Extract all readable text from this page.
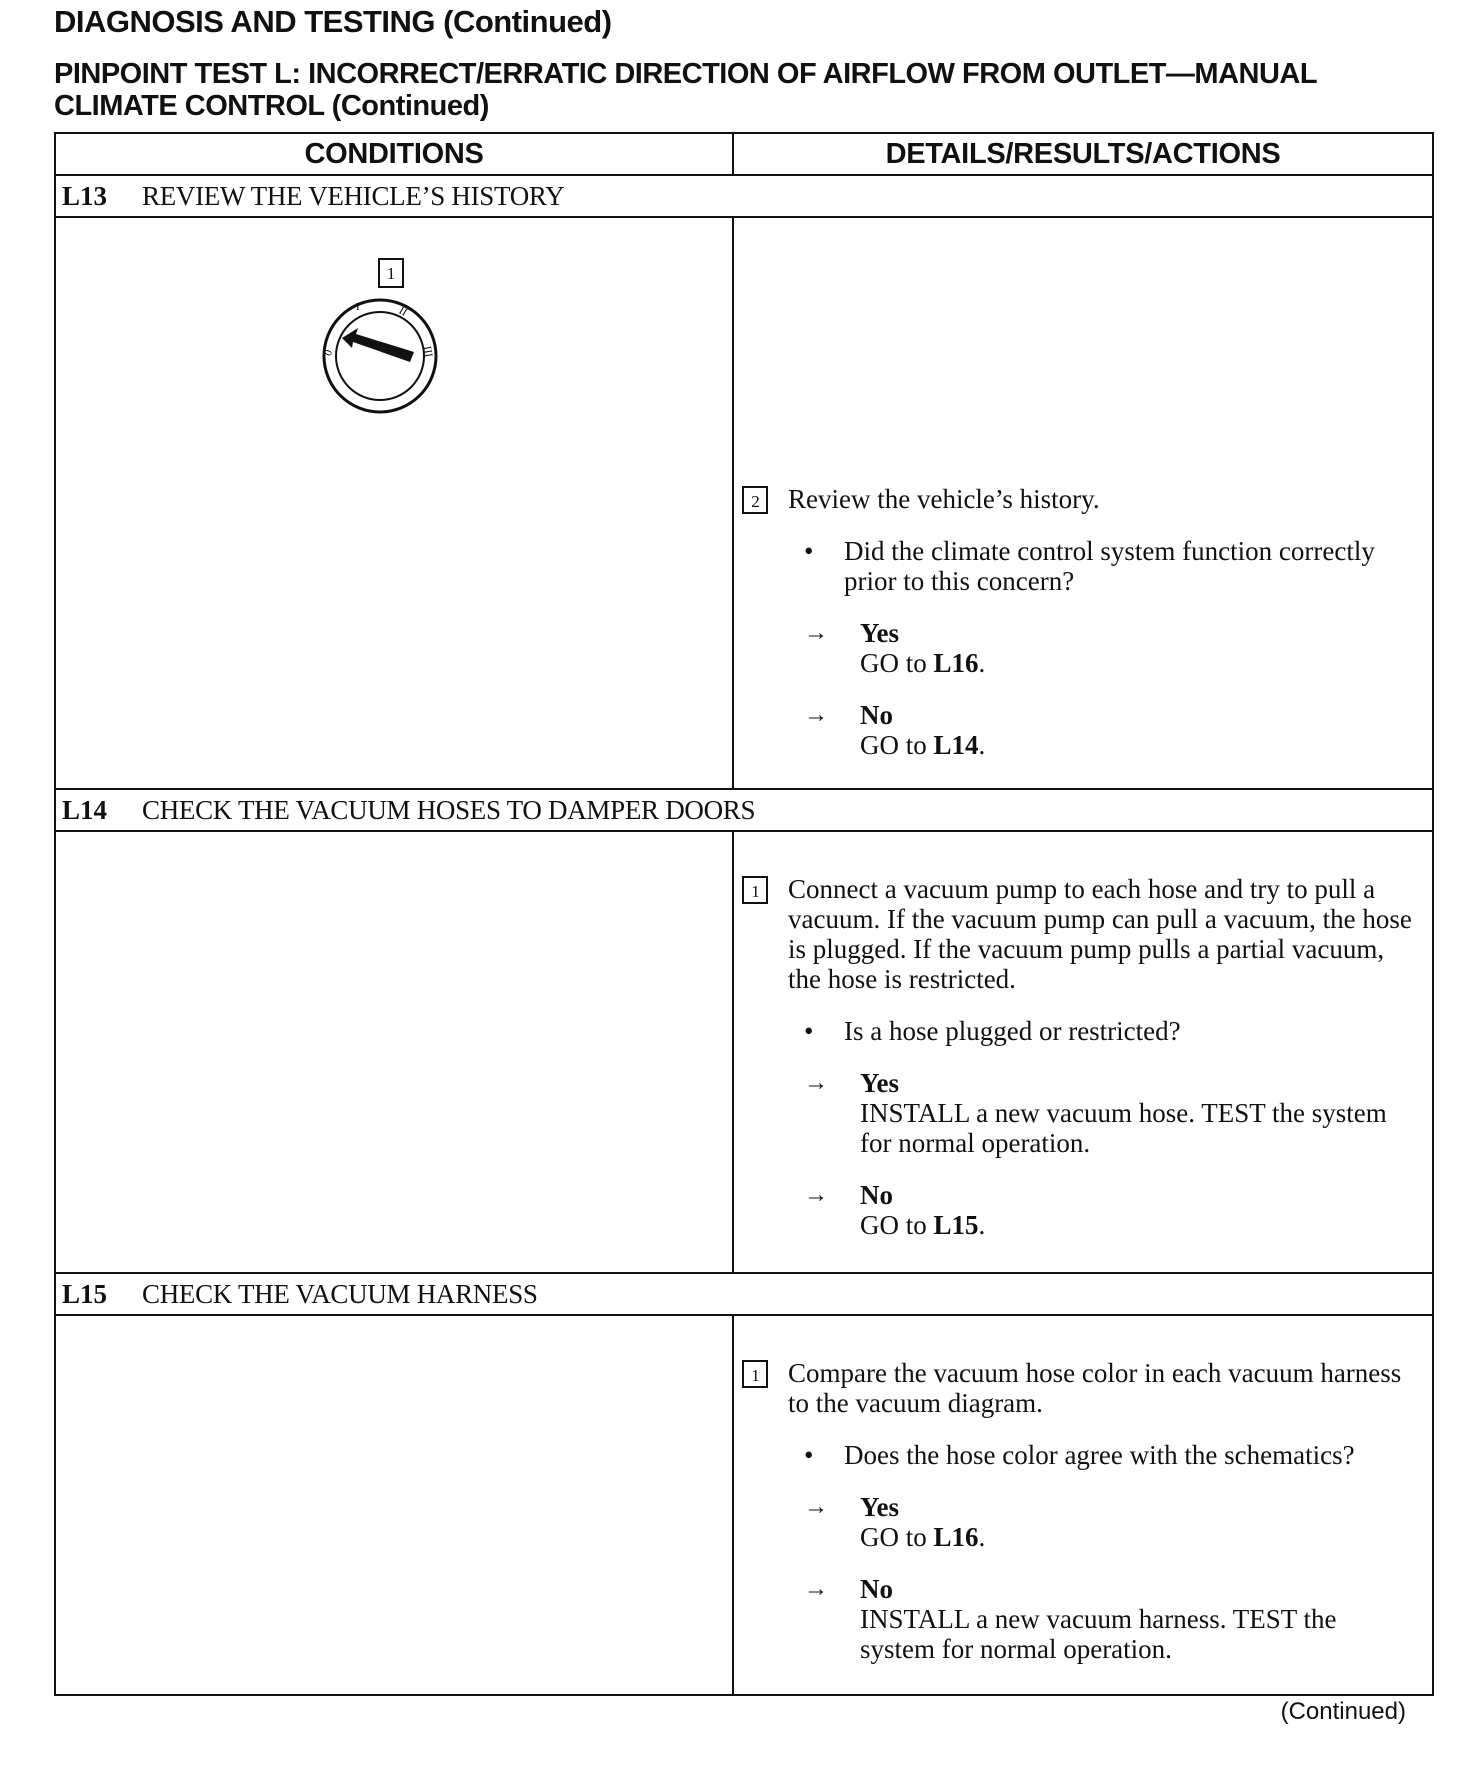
DIAGNOSIS AND TESTING (Continued)
PINPOINT TEST L: INCORRECT/ERRATIC DIRECTION OF AIRFLOW FROM OUTLET—MANUAL CLIMATE CONTROL (Continued)
CONDITIONS	DETAILS/RESULTS/ACTIONS
L13	REVIEW THE VEHICLE’S HISTORY
1
0
I	II
III
2	Review the vehicle’s history.
•	Did the climate control system function correctly prior to this concern?
→	Yes
GO to L16.
→	No
GO to L14.
L14	CHECK THE VACUUM HOSES TO DAMPER DOORS
1	Connect a vacuum pump to each hose and try to pull a vacuum. If the vacuum pump can pull a vacuum, the hose is plugged. If the vacuum pump pulls a partial vacuum, the hose is restricted.
•	Is a hose plugged or restricted?
→	Yes
INSTALL a new vacuum hose. TEST the system for normal operation.
→	No
GO to L15.
L15	CHECK THE VACUUM HARNESS
1	Compare the vacuum hose color in each vacuum harness to the vacuum diagram.
•	Does the hose color agree with the schematics?
→	Yes
GO to L16.
→	No
INSTALL a new vacuum harness. TEST the system for normal operation.
(Continued)
